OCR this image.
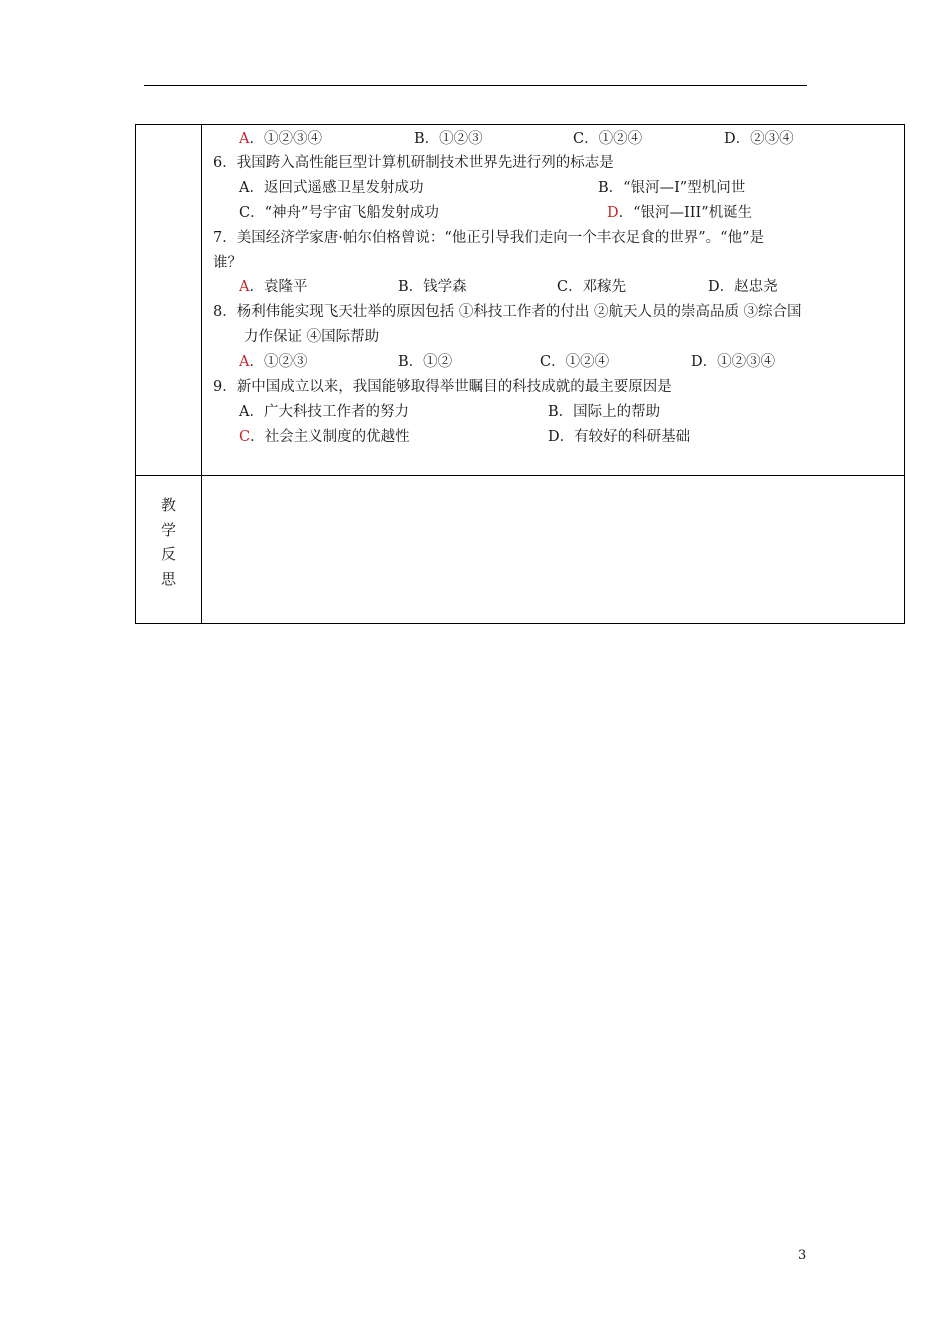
A．①②③④	B．①②③	C．①②④	D．②③④
6．我国跨入高性能巨型计算机研制技术世界先进行列的标志是
A．返回式遥感卫星发射成功	B．“银河—I”型机问世
C．“神舟”号宇宙飞船发射成功	D．“银河—III”机诞生
7．美国经济学家唐·帕尔伯格曾说：“他正引导我们走向一个丰衣足食的世界”。“他”是
谁？
A．袁隆平	B．钱学森	C．邓稼先	D．赵忠尧
8．杨利伟能实现飞天壮举的原因包括 ①科技工作者的付出 ②航天人员的崇高品质 ③综合国
力作保证 ④国际帮助
A．①②③	B．①②	C．①②④	D．①②③④
9．新中国成立以来，我国能够取得举世瞩目的科技成就的最主要原因是
A．广大科技工作者的努力	B．国际上的帮助
C．社会主义制度的优越性	D．有较好的科研基础
教
学
反
思
3
